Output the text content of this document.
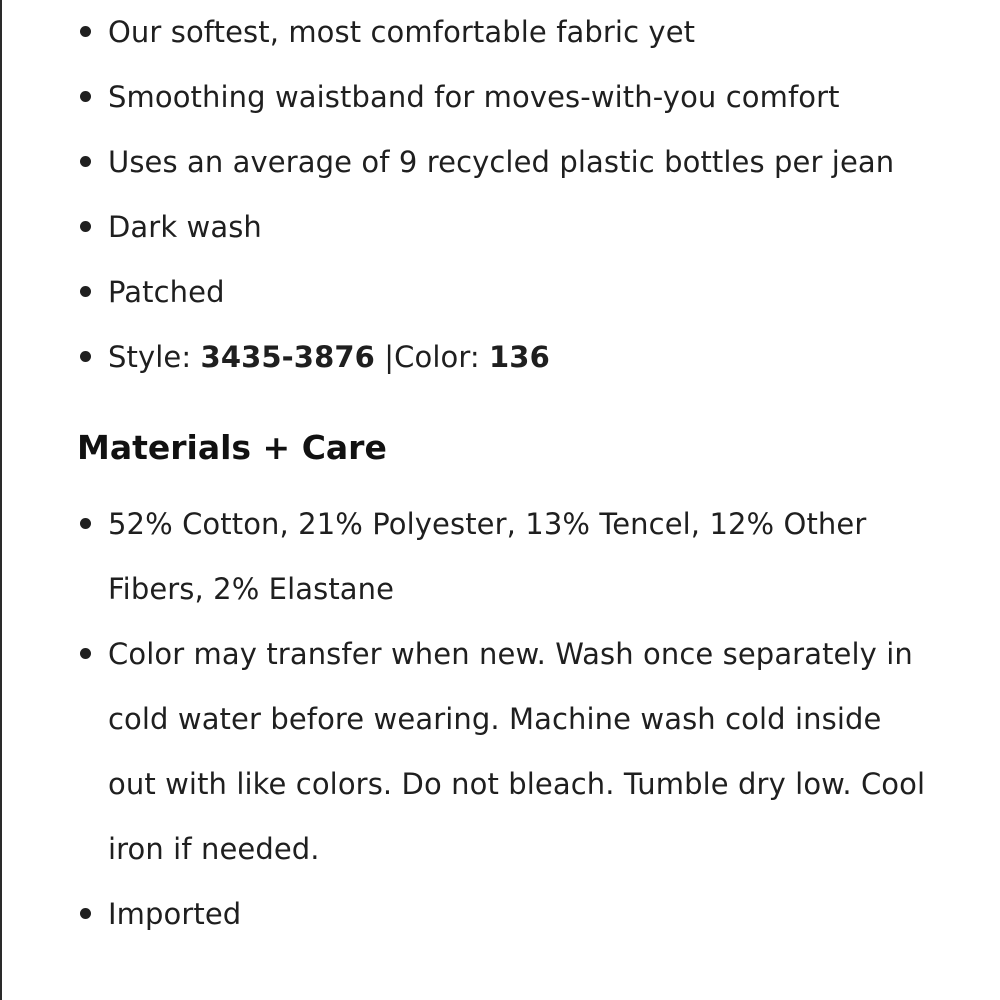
Our softest, most comfortable fabric yet
Smoothing waistband for moves-with-you comfort
Uses an average of 9 recycled plastic bottles per jean
Dark wash
Patched
Style: 3435-3876 |Color: 136
Materials + Care
52% Cotton, 21% Polyester, 13% Tencel, 12% Other
Fibers, 2% Elastane
Color may transfer when new. Wash once separately in
cold water before wearing. Machine wash cold inside
out with like colors. Do not bleach. Tumble dry low. Cool
iron if needed.
Imported
